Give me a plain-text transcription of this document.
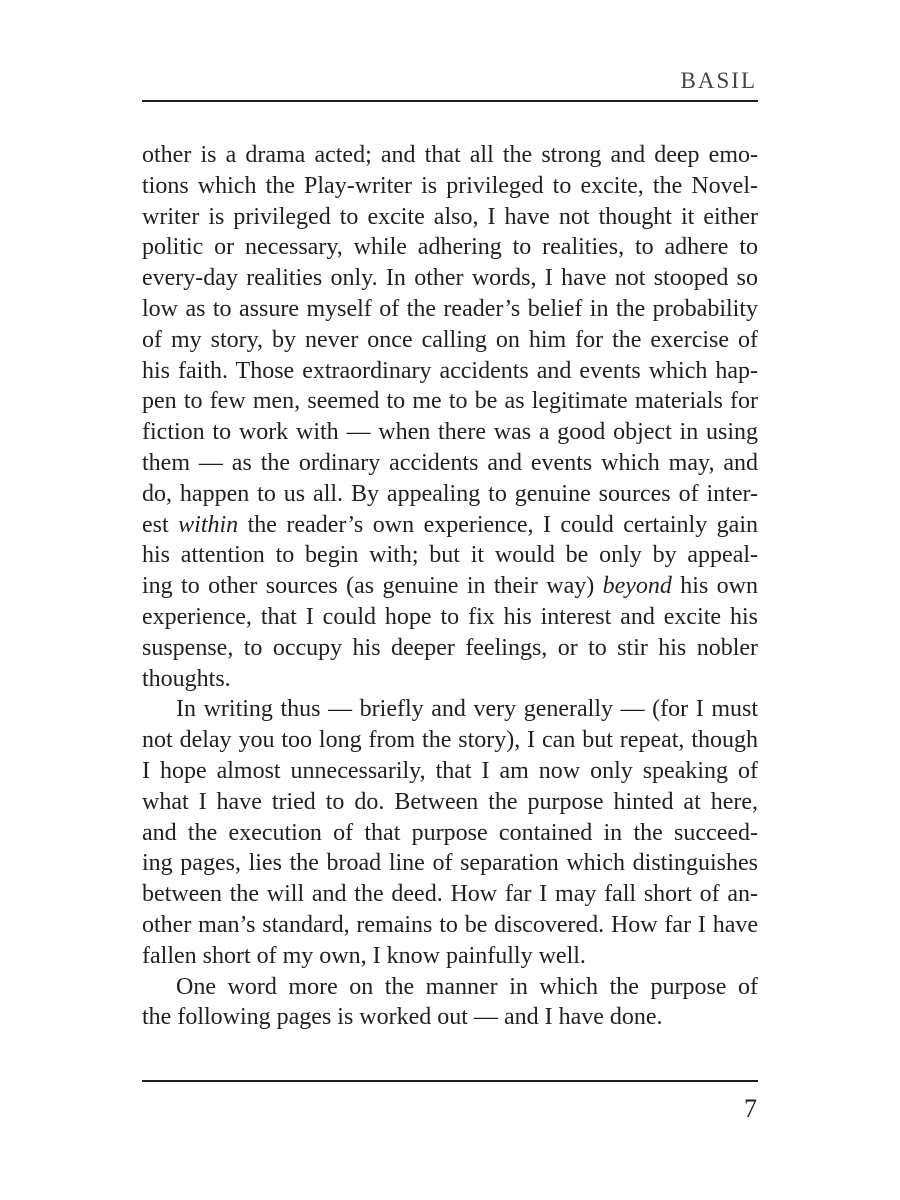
BASIL
other is a drama acted; and that all the strong and deep emo-
tions which the Play-writer is privileged to excite, the Novel-
writer is privileged to excite also, I have not thought it either
politic or necessary, while adhering to realities, to adhere to
every-day realities only. In other words, I have not stooped so
low as to assure myself of the reader’s belief in the probability
of my story, by never once calling on him for the exercise of
his faith. Those extraordinary accidents and events which hap-
pen to few men, seemed to me to be as legitimate materials for
fiction to work with — when there was a good object in using
them — as the ordinary accidents and events which may, and
do, happen to us all. By appealing to genuine sources of inter-
est within the reader’s own experience, I could certainly gain
his attention to begin with; but it would be only by appeal-
ing to other sources (as genuine in their way) beyond his own
experience, that I could hope to fix his interest and excite his
suspense, to occupy his deeper feelings, or to stir his nobler
thoughts.
In writing thus — briefly and very generally — (for I must
not delay you too long from the story), I can but repeat, though
I hope almost unnecessarily, that I am now only speaking of
what I have tried to do. Between the purpose hinted at here,
and the execution of that purpose contained in the succeed-
ing pages, lies the broad line of separation which distinguishes
between the will and the deed. How far I may fall short of an-
other man’s standard, remains to be discovered. How far I have
fallen short of my own, I know painfully well.
One word more on the manner in which the purpose of
the following pages is worked out — and I have done.
7
